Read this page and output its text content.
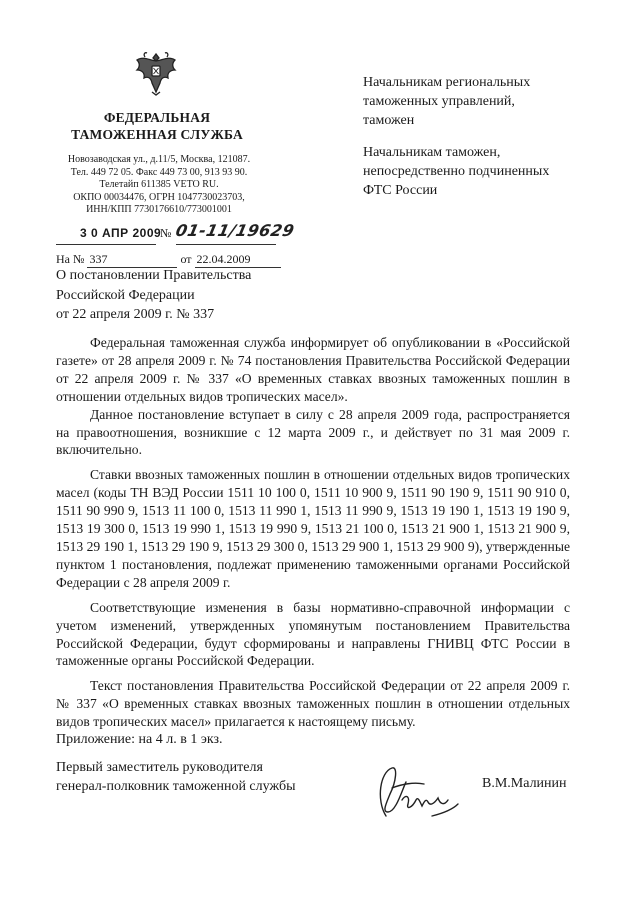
ФЕДЕРАЛЬНАЯ
ТАМОЖЕННАЯ СЛУЖБА
Новозаводская ул., д.11/5, Москва, 121087.
Тел. 449 72 05. Факс 449 73 00, 913 93 90.
Телетайп 611385 VETO RU.
ОКПО 00034476, ОГРН 1047730023703,
ИНН/КПП 7730176610/773001001
Начальникам региональных
таможенных управлений,
таможен
Начальникам таможен,
непосредственно подчиненных
ФТС России
3 0 АПР 2009
№ 01-11/19629
На № 337	от 22.04.2009
О постановлении Правительства
Российской Федерации
от 22 апреля 2009 г. № 337

Федеральная таможенная служба информирует об опубликовании в «Российской газете» от 28 апреля 2009 г. № 74 постановления Правительства Российской Федерации от 22 апреля 2009 г. № 337 «О временных ставках ввозных таможенных пошлин в отношении отдельных видов тропических масел».

Данное постановление вступает в силу с 28 апреля 2009 года, распространяется на правоотношения, возникшие с 12 марта 2009 г., и действует по 31 мая 2009 г. включительно.

Ставки ввозных таможенных пошлин в отношении отдельных видов тропических масел (коды ТН ВЭД России 1511 10 100 0, 1511 10 900 9, 1511 90 190 9, 1511 90 910 0, 1511 90 990 9, 1513 11 100 0, 1513 11 990 1, 1513 11 990 9, 1513 19 190 1, 1513 19 190 9, 1513 19 300 0, 1513 19 990 1, 1513 19 990 9, 1513 21 100 0, 1513 21 900 1, 1513 21 900 9, 1513 29 190 1, 1513 29 190 9, 1513 29 300 0, 1513 29 900 1, 1513 29 900 9), утвержденные пунктом 1 постановления, подлежат применению таможенными органами Российской Федерации с 28 апреля 2009 г.

Соответствующие изменения в базы нормативно-справочной информации с учетом изменений, утвержденных упомянутым постановлением Правительства Российской Федерации, будут сформированы и направлены ГНИВЦ ФТС России в таможенные органы Российской Федерации.

Текст постановления Правительства Российской Федерации от 22 апреля 2009 г. № 337 «О временных ставках ввозных таможенных пошлин в отношении отдельных видов тропических масел» прилагается к настоящему письму.

Приложение: на 4 л. в 1 экз.
Первый заместитель руководителя
генерал-полковник таможенной службы	В.М.Малинин
